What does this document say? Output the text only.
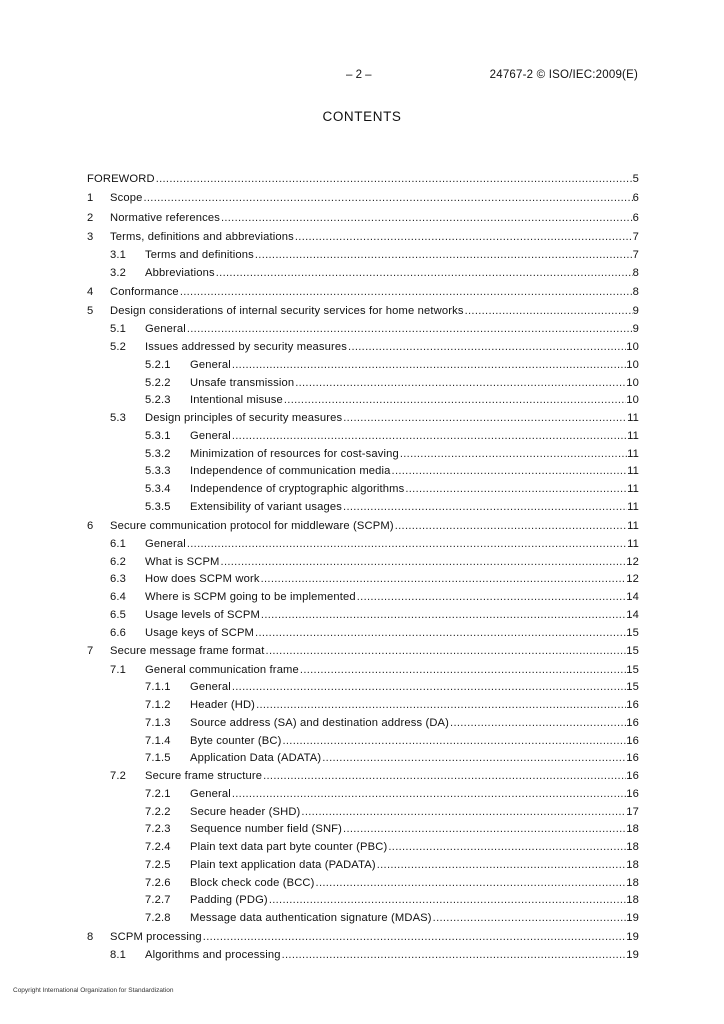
– 2 –	24767-2 © ISO/IEC:2009(E)
CONTENTS
FOREWORD .....	5
1	Scope .....	6
2	Normative references .....	6
3	Terms, definitions and abbreviations .....	7
3.1	Terms and definitions .....	7
3.2	Abbreviations .....	8
4	Conformance .....	8
5	Design considerations of internal security services for home networks .....	9
5.1	General .....	9
5.2	Issues addressed by security measures .....	10
5.2.1	General .....	10
5.2.2	Unsafe transmission .....	10
5.2.3	Intentional misuse .....	10
5.3	Design principles of security measures .....	11
5.3.1	General .....	11
5.3.2	Minimization of resources for cost-saving .....	11
5.3.3	Independence of communication media .....	11
5.3.4	Independence of cryptographic algorithms .....	11
5.3.5	Extensibility of variant usages .....	11
6	Secure communication protocol for middleware (SCPM) .....	11
6.1	General .....	11
6.2	What is SCPM .....	12
6.3	How does SCPM work .....	12
6.4	Where is SCPM going to be implemented .....	14
6.5	Usage levels of SCPM .....	14
6.6	Usage keys of SCPM .....	15
7	Secure message frame format .....	15
7.1	General communication frame .....	15
7.1.1	General .....	15
7.1.2	Header (HD) .....	16
7.1.3	Source address (SA) and destination address (DA) .....	16
7.1.4	Byte counter (BC) .....	16
7.1.5	Application Data (ADATA) .....	16
7.2	Secure frame structure .....	16
7.2.1	General .....	16
7.2.2	Secure header (SHD) .....	17
7.2.3	Sequence number field (SNF) .....	18
7.2.4	Plain text data part byte counter (PBC) .....	18
7.2.5	Plain text application data (PADATA) .....	18
7.2.6	Block check code (BCC) .....	18
7.2.7	Padding (PDG) .....	18
7.2.8	Message data authentication signature (MDAS) .....	19
8	SCPM processing .....	19
8.1	Algorithms and processing .....	19
Copyright International Organization for Standardization
